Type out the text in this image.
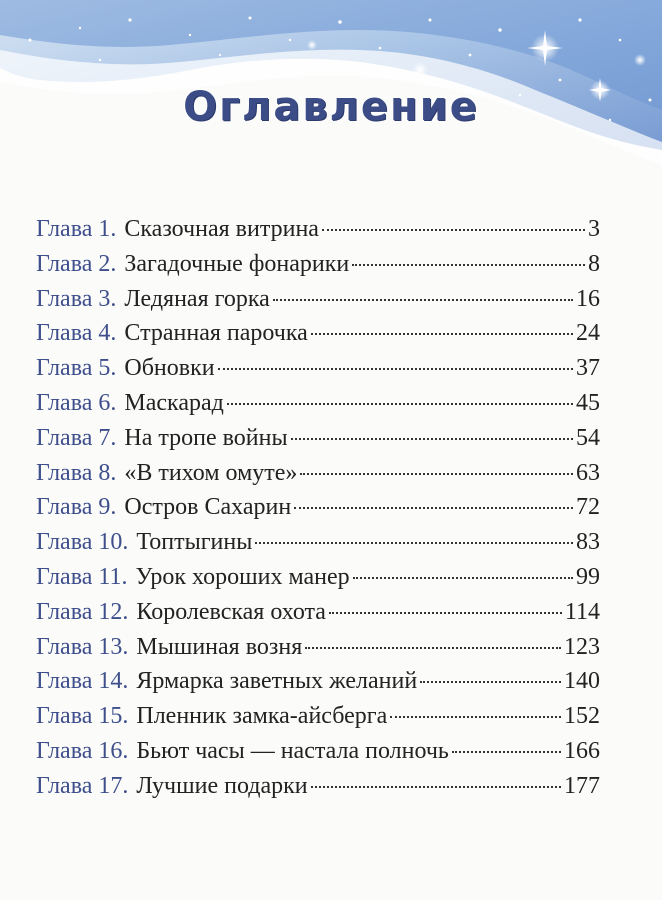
Оглавление
Глава 1. Сказочная витрина	3
Глава 2. Загадочные фонарики	8
Глава 3. Ледяная горка	16
Глава 4. Странная парочка	24
Глава 5. Обновки	37
Глава 6. Маскарад	45
Глава 7. На тропе войны	54
Глава 8. «В тихом омуте»	63
Глава 9. Остров Сахарин	72
Глава 10. Топтыгины	83
Глава 11. Урок хороших манер	99
Глава 12. Королевская охота	114
Глава 13. Мышиная возня	123
Глава 14. Ярмарка заветных желаний	140
Глава 15. Пленник замка-айсберга	152
Глава 16. Бьют часы — настала полночь	166
Глава 17. Лучшие подарки	177
